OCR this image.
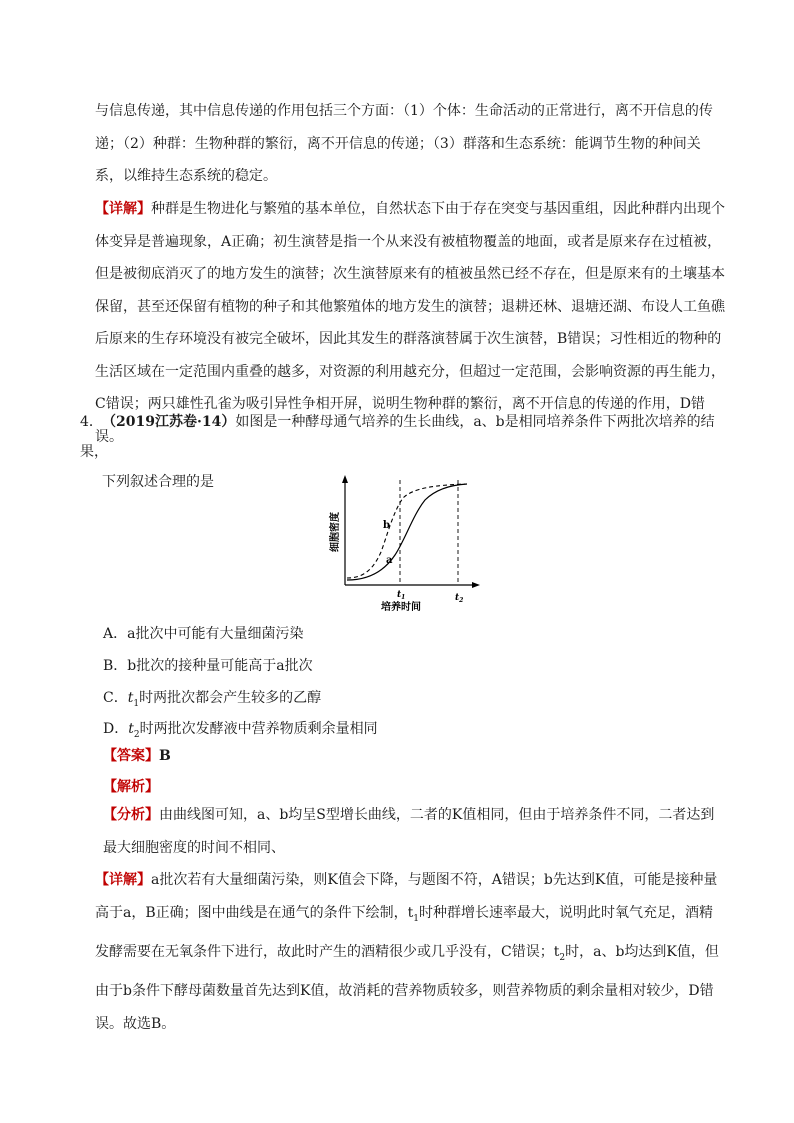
与信息传递，其中信息传递的作用包括三个方面：（1）个体：生命活动的正常进行，离不开信息的传递；（2）种群：生物种群的繁衍，离不开信息的传递；（3）群落和生态系统：能调节生物的种间关系，以维持生态系统的稳定。

【详解】种群是生物进化与繁殖的基本单位，自然状态下由于存在突变与基因重组，因此种群内出现个体变异是普遍现象，A正确；初生演替是指一个从来没有被植物覆盖的地面，或者是原来存在过植被，但是被彻底消灭了的地方发生的演替；次生演替原来有的植被虽然已经不存在，但是原来有的土壤基本保留，甚至还保留有植物的种子和其他繁殖体的地方发生的演替；退耕还林、退塘还湖、布设人工鱼礁后原来的生存环境没有被完全破坏，因此其发生的群落演替属于次生演替，B错误；习性相近的物种的生活区域在一定范围内重叠的越多，对资源的利用越充分，但超过一定范围，会影响资源的再生能力，C错误；两只雄性孔雀为吸引异性争相开屏，说明生物种群的繁衍，离不开信息的传递的作用，D错误。

4．（2019江苏卷·14）如图是一种酵母通气培养的生长曲线，a、b是相同培养条件下两批次培养的结果，
下列叙述合理的是

b
a
$t_1$	$t_2$
培养时间
细胞密度

A．a批次中可能有大量细菌污染

B．b批次的接种量可能高于a批次

C．$t_1$时两批次都会产生较多的乙醇

D．$t_2$时两批次发酵液中营养物质剩余量相同

【答案】B

【解析】

【分析】由曲线图可知，a、b均呈S型增长曲线，二者的K值相同，但由于培养条件不同，二者达到最大细胞密度的时间不相同、

【详解】a批次若有大量细菌污染，则K值会下降，与题图不符，A错误；b先达到K值，可能是接种量高于a，B正确；图中曲线是在通气的条件下绘制，$t_1$时种群增长速率最大，说明此时氧气充足，酒精发酵需要在无氧条件下进行，故此时产生的酒精很少或几乎没有，C错误；$t_2$时，a、b均达到K值，但由于b条件下酵母菌数量首先达到K值，故消耗的营养物质较多，则营养物质的剩余量相对较少，D错误。故选B。
